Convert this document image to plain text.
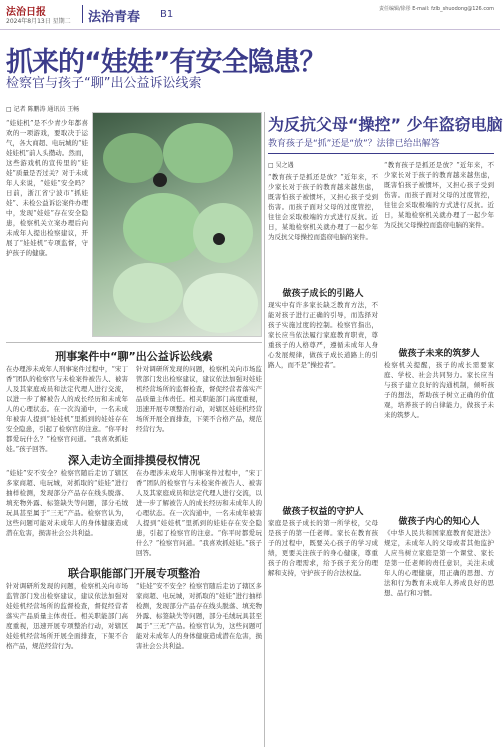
法治日报
2024年8月13日 星期二 法治青春 B1	责任编辑/徐彤 E-mail: fzlb_shuodong@126.com
抓来的“娃娃”有安全隐患？
检察官与孩子“聊”出公益诉讼线索
□ 记者 陈鹏涛 通讯员 王畅
“娃娃机”是不少青少年都喜欢的一项游戏，要取决于运气，各大商超、电玩城的“娃娃娃机”前人头攒动。然而，这些游戏机的宣传里的“娃娃”质量是否过关？对于未成年人来说，“娃娃”安全吗？日前，浙江省宁波市“抓娃娃”、未检公益诉讼案件办理中，发现“娃娃”存在安全隐患，检察机关立案办理后向未成年人提出检察建议，开展了“娃娃机”专项监督，守护孩子的健康。
刑事案件中“聊”出公益诉讼线索
在办理涉未成年人刑事案件过程中，“宋丁香”团队的检察官与未检案件被告人、被害人及其家庭成员和法定代理人进行交流，以进一步了解被告人的成长经历和未成年人的心理状态。在一次沟通中，一名未成年被害人提到“娃娃机”里抓到的娃娃存在安全隐患，引起了检察官的注意。“你平时都爱玩什么？”检察官问道。“我喜欢抓娃娃。”孩子回答。
针对调研所发现的问题，检察机关向市场监管部门发出检察建议，建议依法加强对娃娃机经营场所的监督检查，督促经营者落实产品质量主体责任。相关职能部门高度重视，迅速开展专项整治行动，对辖区娃娃机经营场所开展全面排查，下架不合格产品，规范经营行为。
深入走访全面排摸侵权情况
“娃娃”安不安全？检察官随后走访了辖区多家商超、电玩城，对抓取的“娃娃”进行抽样检测，发现部分产品存在线头脱落、填充物外露、标签缺失等问题，部分毛绒玩具甚至属于“三无”产品。检察官认为，这些问题可能对未成年人的身体健康造成潜在危害，损害社会公共利益。
在办理涉未成年人刑事案件过程中，“宋丁香”团队的检察官与未检案件被告人、被害人及其家庭成员和法定代理人进行交流，以进一步了解被告人的成长经历和未成年人的心理状态。在一次沟通中，一名未成年被害人提到“娃娃机”里抓到的娃娃存在安全隐患，引起了检察官的注意。“你平时都爱玩什么？”检察官问道。“我喜欢抓娃娃。”孩子回答。
联合职能部门开展专项整治
针对调研所发现的问题，检察机关向市场监管部门发出检察建议，建议依法加强对娃娃机经营场所的监督检查，督促经营者落实产品质量主体责任。相关职能部门高度重视，迅速开展专项整治行动，对辖区娃娃机经营场所开展全面排查，下架不合格产品，规范经营行为。
“娃娃”安不安全？检察官随后走访了辖区多家商超、电玩城，对抓取的“娃娃”进行抽样检测，发现部分产品存在线头脱落、填充物外露、标签缺失等问题，部分毛绒玩具甚至属于“三无”产品。检察官认为，这些问题可能对未成年人的身体健康造成潜在危害，损害社会公共利益。
为反抗父母“操控” 少年盗窃电脑
教育孩子是“抓”还是“放”？法律已给出解答
□ 吴之遇
“教育孩子是抓还是放？”近年来，不少家长对于孩子的教育越来越焦虑，既害怕孩子被惯坏，又担心孩子受到伤害。而孩子面对父母的过度管控，往往会采取极端的方式进行反抗。近日，某地检察机关就办理了一起少年为反抗父母操控而盗窃电脑的案件。
做孩子成长的引路人
现实中有许多家长缺乏教育方法，不能对孩子进行正确的引导，而选择对孩子实施过度的控制。检察官指出，家长应当依法履行家庭教育职责，尊重孩子的人格尊严，遵循未成年人身心发展规律，做孩子成长道路上的引路人，而不是“操控者”。
做孩子权益的守护人
家庭是孩子成长的第一所学校，父母是孩子的第一任老师。家长在教育孩子的过程中，既要关心孩子的学习成绩，更要关注孩子的身心健康，尊重孩子的合理需求，给予孩子充分的理解和支持，守护孩子的合法权益。
“教育孩子是抓还是放？”近年来，不少家长对于孩子的教育越来越焦虑，既害怕孩子被惯坏，又担心孩子受到伤害。而孩子面对父母的过度管控，往往会采取极端的方式进行反抗。近日，某地检察机关就办理了一起少年为反抗父母操控而盗窃电脑的案件。
做孩子未来的筑梦人
检察机关提醒，孩子的成长需要家庭、学校、社会共同努力。家长应当与孩子建立良好的沟通机制，倾听孩子的想法，帮助孩子树立正确的价值观，培养孩子的自律能力，做孩子未来的筑梦人。
做孩子内心的知心人
《中华人民共和国家庭教育促进法》规定，未成年人的父母或者其他监护人应当树立家庭是第一个课堂、家长是第一任老师的责任意识，关注未成年人的心理健康，用正确的思想、方法和行为教育未成年人养成良好的思想、品行和习惯。
